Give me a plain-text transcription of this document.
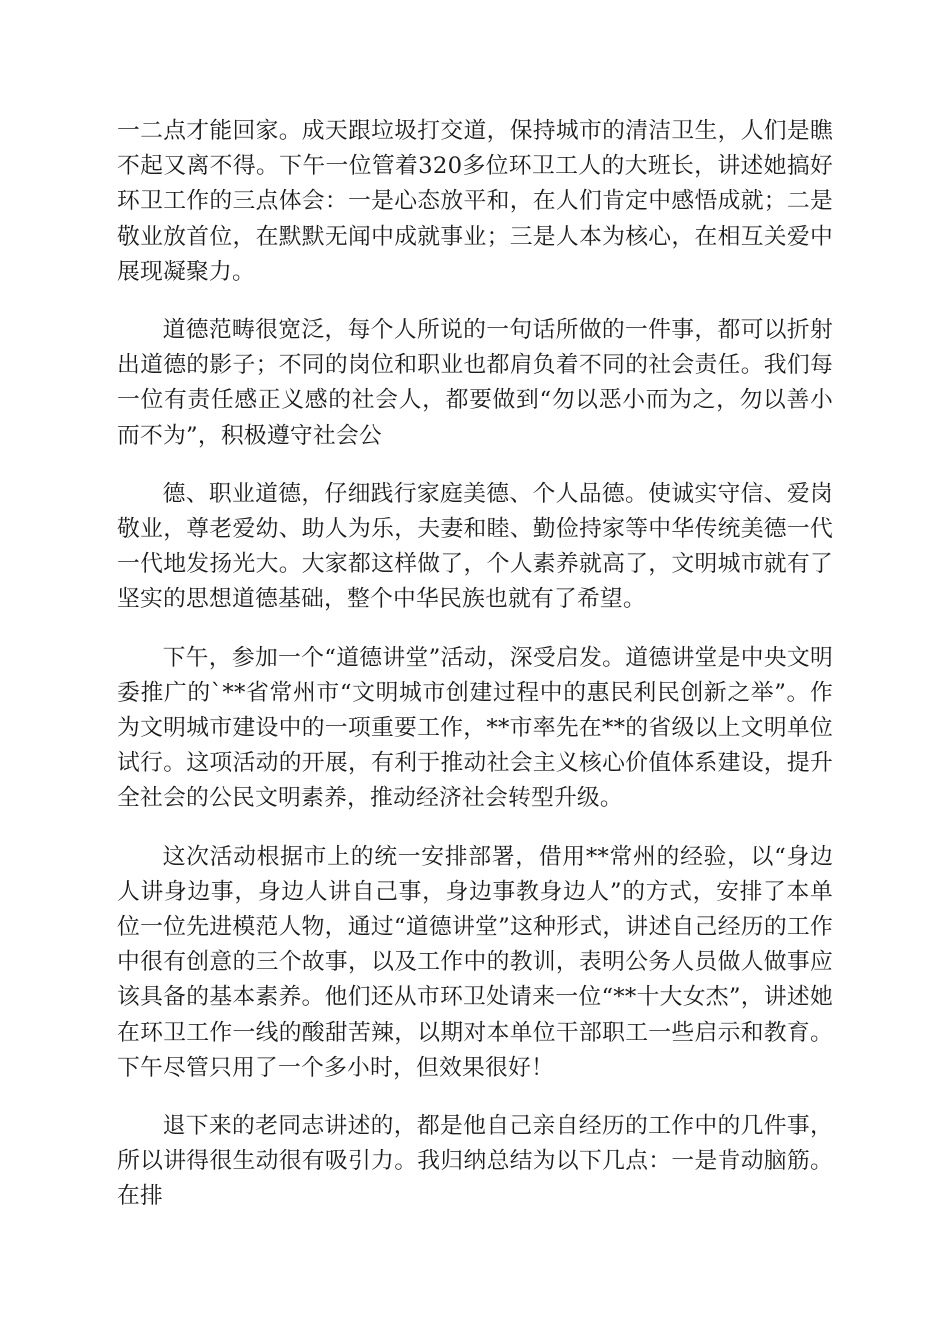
一二点才能回家。成天跟垃圾打交道，保持城市的清洁卫生，人们是瞧不起又离不得。下午一位管着320多位环卫工人的大班长，讲述她搞好环卫工作的三点体会：一是心态放平和，在人们肯定中感悟成就；二是敬业放首位，在默默无闻中成就事业；三是人本为核心，在相互关爱中展现凝聚力。

道德范畴很宽泛，每个人所说的一句话所做的一件事，都可以折射出道德的影子；不同的岗位和职业也都肩负着不同的社会责任。我们每一位有责任感正义感的社会人，都要做到“勿以恶小而为之，勿以善小而不为”，积极遵守社会公

德、职业道德，仔细践行家庭美德、个人品德。使诚实守信、爱岗敬业，尊老爱幼、助人为乐，夫妻和睦、勤俭持家等中华传统美德一代一代地发扬光大。大家都这样做了，个人素养就高了，文明城市就有了坚实的思想道德基础，整个中华民族也就有了希望。

下午，参加一个“道德讲堂”活动，深受启发。道德讲堂是中央文明委推广的`**省常州市“文明城市创建过程中的惠民利民创新之举”。作为文明城市建设中的一项重要工作，**市率先在**的省级以上文明单位试行。这项活动的开展，有利于推动社会主义核心价值体系建设，提升全社会的公民文明素养，推动经济社会转型升级。

这次活动根据市上的统一安排部署，借用**常州的经验，以“身边人讲身边事，身边人讲自己事，身边事教身边人”的方式，安排了本单位一位先进模范人物，通过“道德讲堂”这种形式，讲述自己经历的工作中很有创意的三个故事，以及工作中的教训，表明公务人员做人做事应该具备的基本素养。他们还从市环卫处请来一位“**十大女杰”，讲述她在环卫工作一线的酸甜苦辣，以期对本单位干部职工一些启示和教育。下午尽管只用了一个多小时，但效果很好！

退下来的老同志讲述的，都是他自己亲自经历的工作中的几件事，所以讲得很生动很有吸引力。我归纳总结为以下几点：一是肯动脑筋。在排
